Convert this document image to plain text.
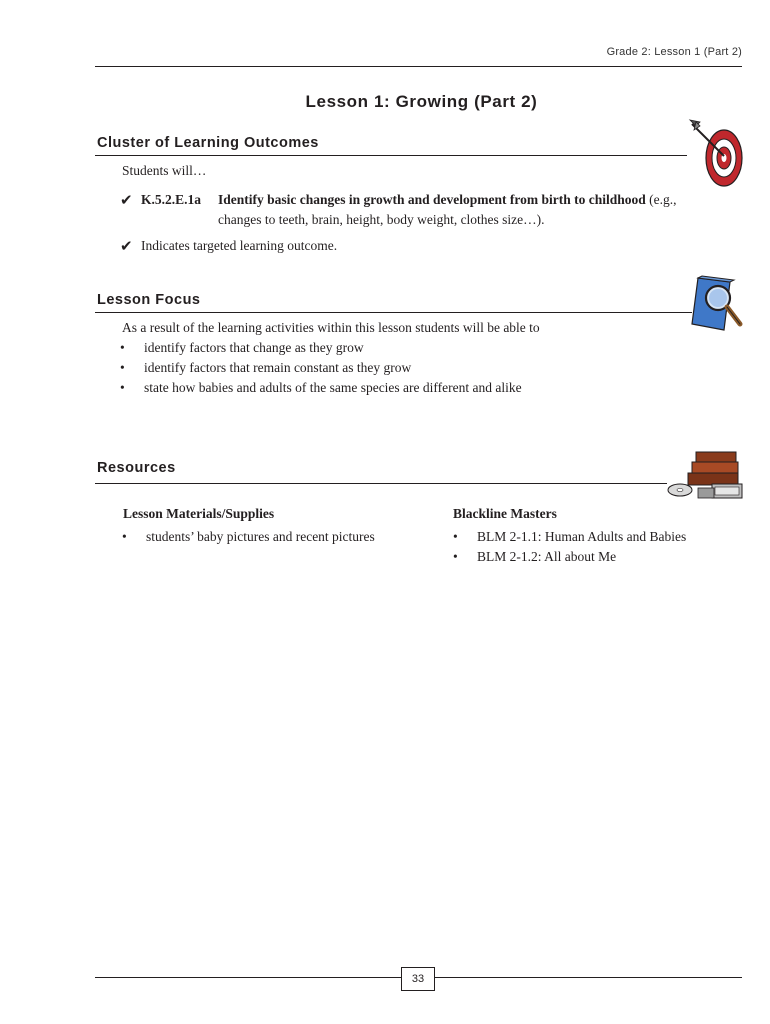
Grade 2: Lesson 1 (Part 2)
Lesson 1: Growing (Part 2)
Cluster of Learning Outcomes
Students will…
✔ K.5.2.E.1a Identify basic changes in growth and development from birth to childhood (e.g.,
changes to teeth, brain, height, body weight, clothes size…).
✔ Indicates targeted learning outcome.
Lesson Focus
As a result of the learning activities within this lesson students will be able to
• identify factors that change as they grow
• identify factors that remain constant as they grow
• state how babies and adults of the same species are different and alike
Resources
Lesson Materials/Supplies
• students’ baby pictures and recent pictures
Blackline Masters
• BLM 2-1.1: Human Adults and Babies
• BLM 2-1.2: All about Me
33
